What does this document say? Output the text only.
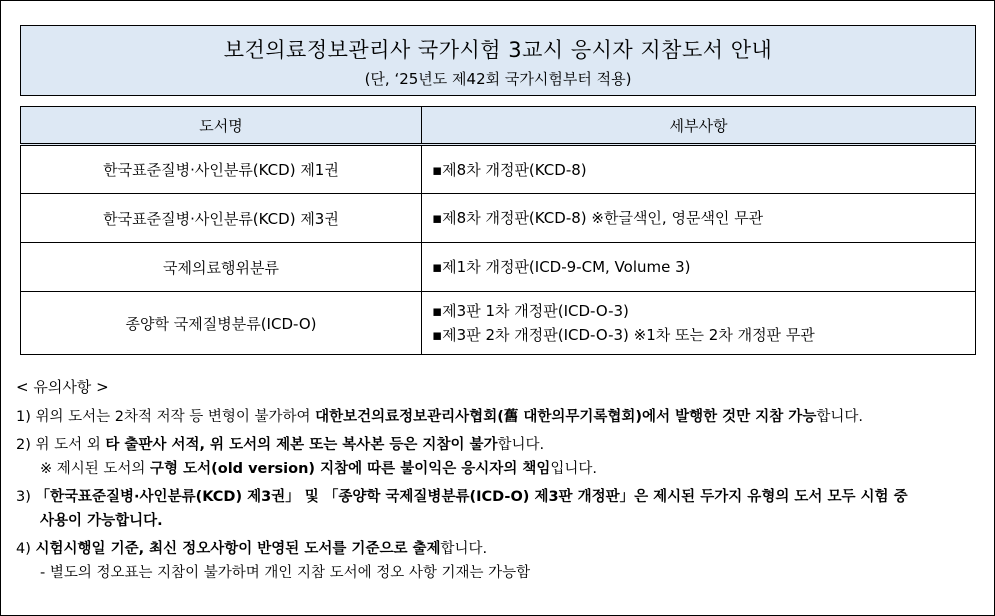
보건의료정보관리사 국가시험 3교시 응시자 지참도서 안내
(단, ‘25년도 제42회 국가시험부터 적용)
도서명	세부사항
한국표준질병·사인분류(KCD) 제1권	▪제8차 개정판(KCD-8)

한국표준질병·사인분류(KCD) 제3권	▪제8차 개정판(KCD-8) ※한글색인, 영문색인 무관

국제의료행위분류	▪제1차 개정판(ICD-9-CM, Volume 3)

종양학 국제질병분류(ICD-O)	▪제3판 1차 개정판(ICD-O-3)
▪제3판 2차 개정판(ICD-O-3) ※1차 또는 2차 개정판 무관
< 유의사항 >
1) 위의 도서는 2차적 저작 등 변형이 불가하여 대한보건의료정보관리사협회(舊 대한의무기록협회)에서 발행한 것만 지참 가능합니다.
2) 위 도서 외 타 출판사 서적, 위 도서의 제본 또는 복사본 등은 지참이 불가합니다.
※ 제시된 도서의 구형 도서(old version) 지참에 따른 불이익은 응시자의 책임입니다.
3) 「한국표준질병·사인분류(KCD) 제3권」 및 「종양학 국제질병분류(ICD-O) 제3판 개정판」은 제시된 두가지 유형의 도서 모두 시험 중
사용이 가능합니다.
4) 시험시행일 기준, 최신 정오사항이 반영된 도서를 기준으로 출제합니다.
- 별도의 정오표는 지참이 불가하며 개인 지참 도서에 정오 사항 기재는 가능함
